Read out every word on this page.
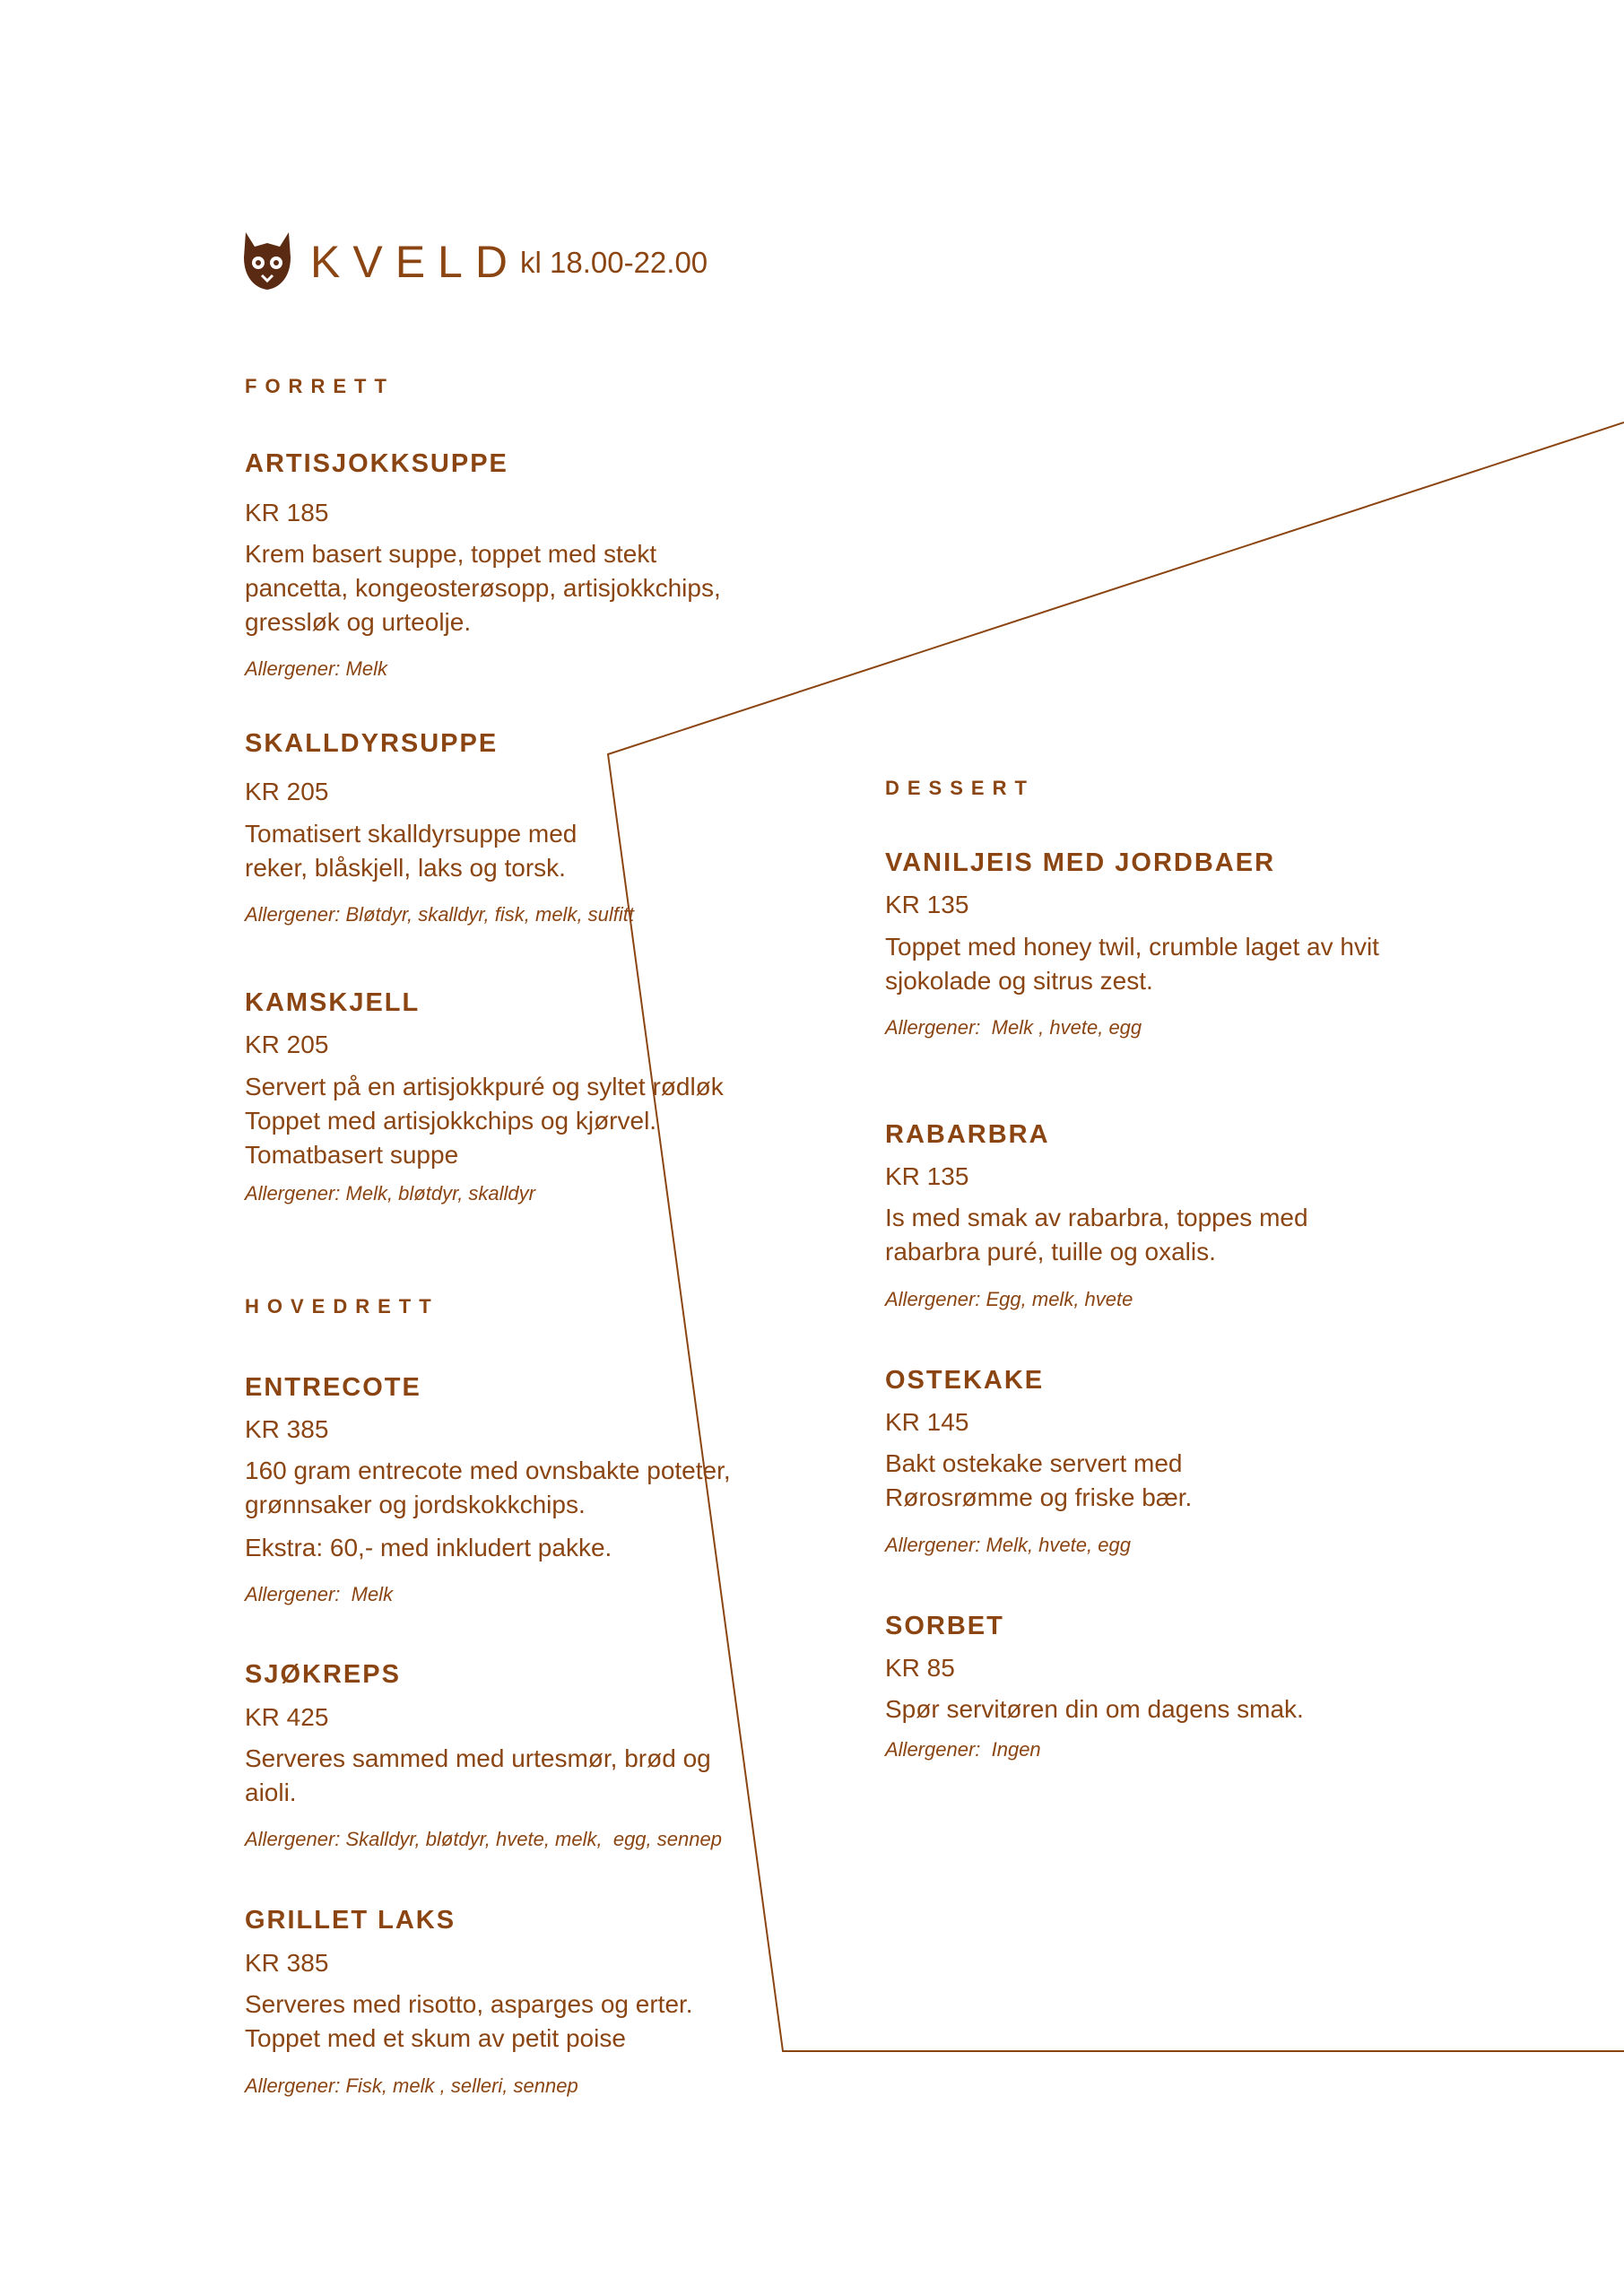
KVELD kl 18.00-22.00
FORRETT
ARTISJOKKSUPPE
KR 185
Krem basert suppe, toppet med stekt
pancetta, kongeosterøsopp, artisjokkchips,
gressløk og urteolje.
Allergener: Melk
SKALLDYRSUPPE
KR 205
Tomatisert skalldyrsuppe med
reker, blåskjell, laks og torsk.
Allergener: Bløtdyr, skalldyr, fisk, melk, sulfitt
KAMSKJELL
KR 205
Servert på en artisjokkpuré og syltet rødløk
Toppet med artisjokkchips og kjørvel.
Tomatbasert suppe
Allergener: Melk, bløtdyr, skalldyr
HOVEDRETT
ENTRECOTE
KR 385
160 gram entrecote med ovnsbakte poteter,
grønnsaker og jordskokkchips.
Ekstra: 60,- med inkludert pakke.
Allergener:  Melk
SJØKREPS
KR 425
Serveres sammed med urtesmør, brød og
aioli.
Allergener: Skalldyr, bløtdyr, hvete, melk,  egg, sennep
GRILLET LAKS
KR 385
Serveres med risotto, asparges og erter.
Toppet med et skum av petit poise
Allergener: Fisk, melk , selleri, sennep
DESSERT
VANILJEIS MED JORDBAER
KR 135
Toppet med honey twil, crumble laget av hvit
sjokolade og sitrus zest.
Allergener:  Melk , hvete, egg
RABARBRA
KR 135
Is med smak av rabarbra, toppes med
rabarbra puré, tuille og oxalis.
Allergener: Egg, melk, hvete
OSTEKAKE
KR 145
Bakt ostekake servert med
Rørosrømme og friske bær.
Allergener: Melk, hvete, egg
SORBET
KR 85
Spør servitøren din om dagens smak.
Allergener:  Ingen
